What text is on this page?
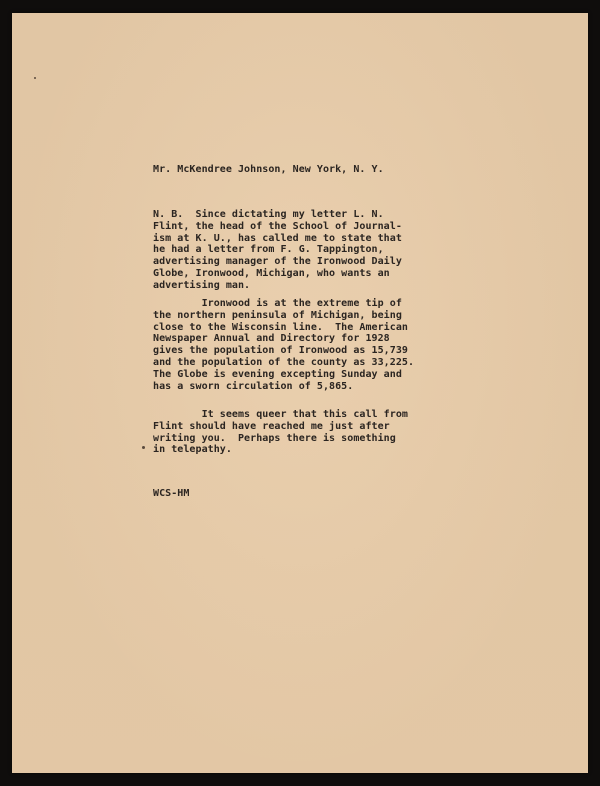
Mr. McKendree Johnson, New York, N. Y.

N. B.  Since dictating my letter L. N.
Flint, the head of the School of Journal-
ism at K. U., has called me to state that
he had a letter from F. G. Tappington,
advertising manager of the Ironwood Daily
Globe, Ironwood, Michigan, who wants an
advertising man.

Ironwood is at the extreme tip of
the northern peninsula of Michigan, being
close to the Wisconsin line.  The American
Newspaper Annual and Directory for 1928
gives the population of Ironwood as 15,739
and the population of the county as 33,225.
The Globe is evening excepting Sunday and
has a sworn circulation of 5,865.

It seems queer that this call from
Flint should have reached me just after
writing you.  Perhaps there is something
in telepathy.

WCS-HM
